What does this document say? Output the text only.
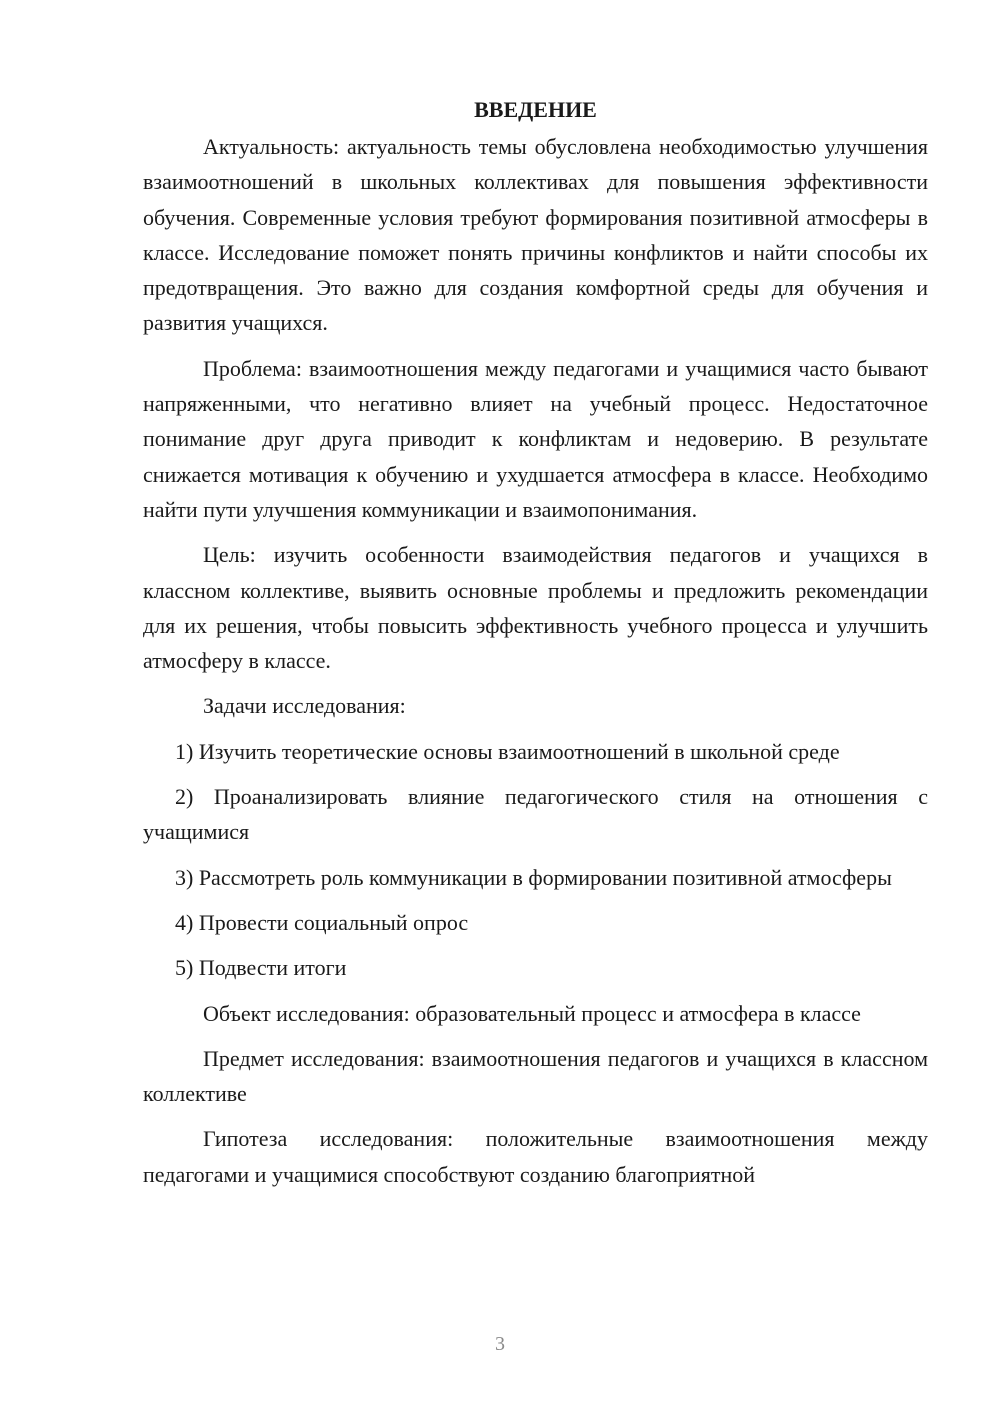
ВВЕДЕНИЕ

Актуальность: актуальность темы обусловлена необходимостью улучшения взаимоотношений в школьных коллективах для повышения эффективности обучения. Современные условия требуют формирования позитивной атмосферы в классе. Исследование поможет понять причины конфликтов и найти способы их предотвращения. Это важно для создания комфортной среды для обучения и развития учащихся.

Проблема: взаимоотношения между педагогами и учащимися часто бывают напряженными, что негативно влияет на учебный процесс. Недостаточное понимание друг друга приводит к конфликтам и недоверию. В результате снижается мотивация к обучению и ухудшается атмосфера в классе. Необходимо найти пути улучшения коммуникации и взаимопонимания.

Цель: изучить особенности взаимодействия педагогов и учащихся в классном коллективе, выявить основные проблемы и предложить рекомендации для их решения, чтобы повысить эффективность учебного процесса и улучшить атмосферу в классе.

Задачи исследования:

1) Изучить теоретические основы взаимоотношений в школьной среде

2) Проанализировать влияние педагогического стиля на отношения с учащимися

3) Рассмотреть роль коммуникации в формировании позитивной атмосферы

4) Провести социальный опрос

5) Подвести итоги

Объект исследования: образовательный процесс и атмосфера в классе

Предмет исследования: взаимоотношения педагогов и учащихся в классном коллективе

Гипотеза исследования: положительные взаимоотношения между педагогами и учащимися способствуют созданию благоприятной

3
